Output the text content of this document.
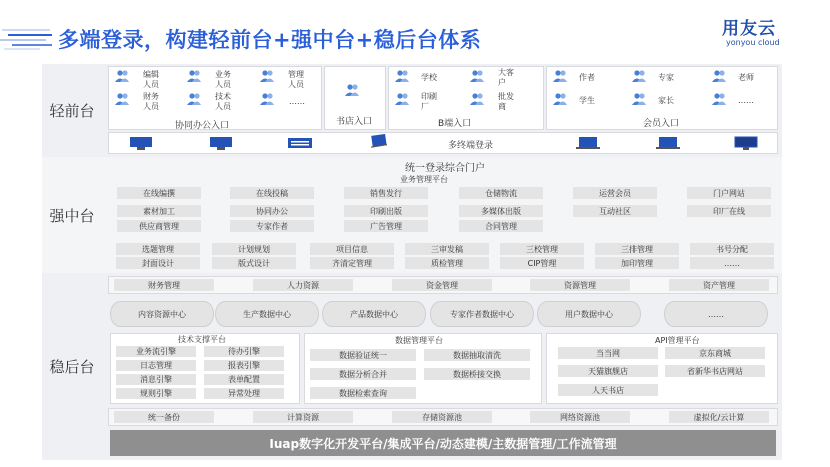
多端登录，构建轻前台+强中台+稳后台体系	用友云
yonyou cloud
轻前台
强中台
稳后台
编辑人员
业务人员
管理人员
财务人员
技术人员
……
协同办公入口	书店入口
学校
大客户
印刷厂
批发商
B端入口
作者	专家	老师
学生	家长	……
会员入口
多终端登录
统一登录综合门户
业务管理平台
技术支撑平台	数据管理平台	API管理平台
Iuap数字化开发平台/集成平台/动态建模/主数据管理/工作流管理
在线编撰	在线投稿	销售发行	仓储物流	运营会员	门户网站
素材加工	协同办公	印刷出版	多媒体出版	互动社区	印厂在线
供应商管理	专家作者	广告管理	合同管理
选题管理	计划规划	项目信息	三审发稿	三校管理	三排管理	书号分配
封面设计	版式设计	齐清定管理	质检管理	CIP管理	加印管理	……
财务管理	人力资源	资金管理	资源管理	资产管理
内容资源中心	生产数据中心	产品数据中心	专家作者数据中心	用户数据中心	……
业务流引擎	待办引擎
日志管理	报表引擎
消息引擎	表单配置
规则引擎	异常处理
数据验证统一	数据抽取清洗
数据分析合并	数据桥接交换
数据检索查询
当当网	京东商城
天猫旗舰店	省新华书店网站
人天书店
统一备份	计算资源	存储资源池	网络资源池	虚拟化/云计算
